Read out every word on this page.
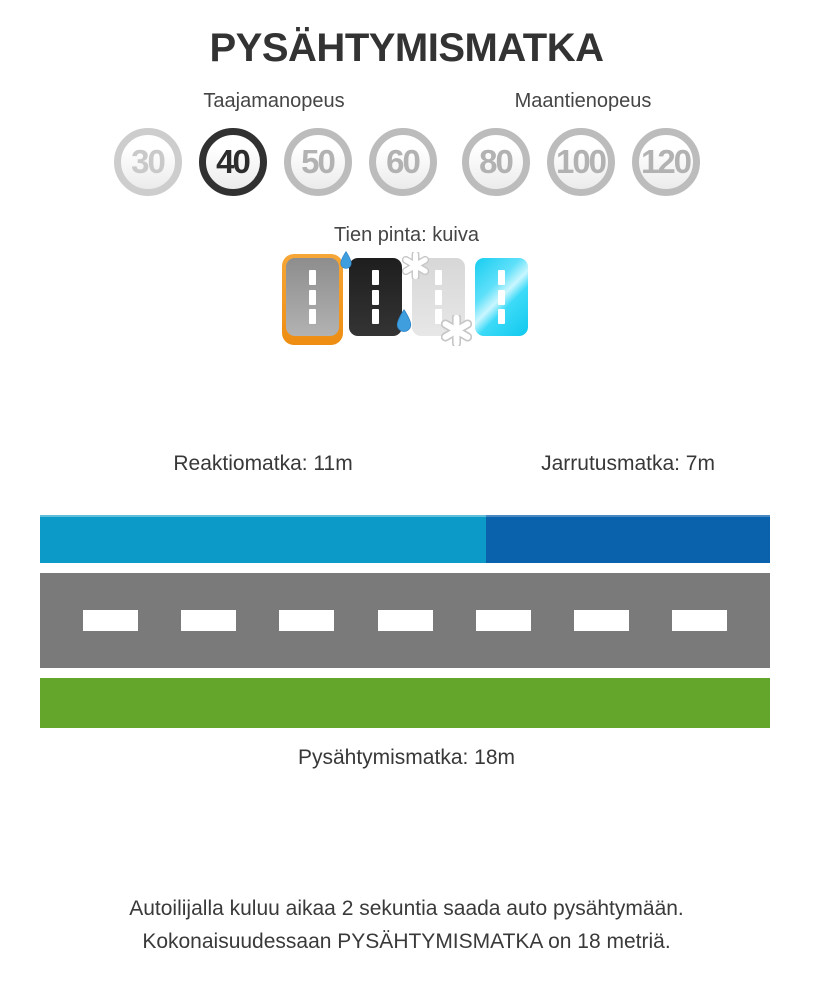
PYSÄHTYMISMATKA
Taajamanopeus	Maantienopeus
30 40 50 60 80 100 120
Tien pinta: kuiva
Reaktiomatka: 11m	Jarrutusmatka: 7m
Pysähtymismatka: 18m
Autoilijalla kuluu aikaa 2 sekuntia saada auto pysähtymään.
Kokonaisuudessaan PYSÄHTYMISMATKA on 18 metriä.
